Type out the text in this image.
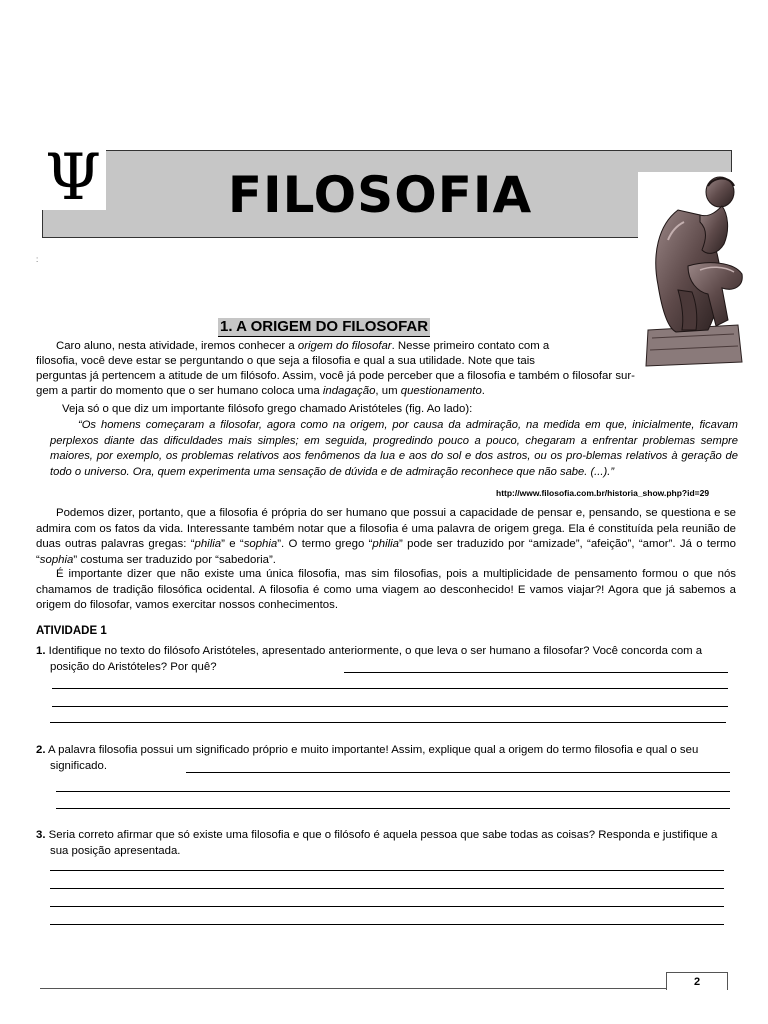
Ψ	FILOSOFIA
:
1. A ORIGEM DO FILOSOFAR
Caro aluno, nesta atividade, iremos conhecer a origem do filosofar. Nesse primeiro contato com a
filosofia, você deve estar se perguntando o que seja a filosofia e qual a sua utilidade. Note que tais
perguntas já pertencem a atitude de um filósofo. Assim, você já pode perceber que a filosofia e também o filosofar sur-
gem a partir do momento que o ser humano coloca uma indagação, um questionamento.
Veja só o que diz um importante filósofo grego chamado Aristóteles (fig. Ao lado):
“Os homens começaram a filosofar, agora como na origem, por causa da admiração, na medida em que, inicialmente, ficavam perplexos diante das dificuldades mais simples; em seguida, progredindo pouco a pouco, chegaram a enfrentar problemas sempre maiores, por exemplo, os problemas relativos aos fenômenos da lua e aos do sol e dos astros, ou os pro-blemas relativos à geração de todo o universo. Ora, quem experimenta uma sensação de dúvida e de admiração reconhece que não sabe. (...).”
http://www.filosofia.com.br/historia_show.php?id=29
Podemos dizer, portanto, que a filosofia é própria do ser humano que possui a capacidade de pensar e, pensando, se questiona e se admira com os fatos da vida. Interessante também notar que a filosofia é uma palavra de origem grega. Ela é constituída pela reunião de duas outras palavras gregas: “philia” e “sophia”. O termo grego “philia” pode ser traduzido por “amizade”, “afeição”, “amor”. Já o termo “sophia” costuma ser traduzido por “sabedoria”.
É importante dizer que não existe uma única filosofia, mas sim filosofias, pois a multiplicidade de pensamento formou o que nós chamamos de tradição filosófica ocidental. A filosofia é como uma viagem ao desconhecido! E vamos viajar?! Agora que já sabemos a origem do filosofar, vamos exercitar nossos conhecimentos.
ATIVIDADE 1
1. Identifique no texto do filósofo Aristóteles, apresentado anteriormente, o que leva o ser humano a filosofar? Você concorda com a posição do Aristóteles? Por quê?
2. A palavra filosofia possui um significado próprio e muito importante! Assim, explique qual a origem do termo filosofia e qual o seu significado.
3. Seria correto afirmar que só existe uma filosofia e que o filósofo é aquela pessoa que sabe todas as coisas? Responda e justifique a sua posição apresentada.
2
